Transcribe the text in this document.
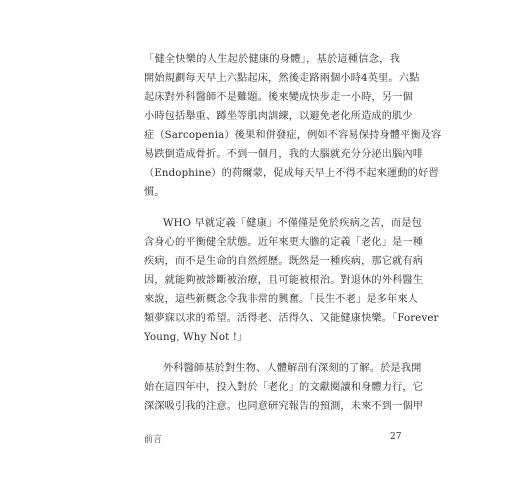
「健全快樂的人生起於健康的身體」，基於這種信念，我
開始規劃每天早上六點起床，然後走路兩個小時4英里。六點
起床對外科醫師不是難題。後來變成快步走一小時，另一個
小時包括舉重、蹲坐等肌肉訓練，以避免老化所造成的肌少
症（Sarcopenia）後果和併發症，例如不容易保持身體平衡及容
易跌倒造成骨折。不到一個月，我的大腦就充分分泌出腦內啡
（Endophine）的荷爾蒙，促成每天早上不得不起來運動的好習
慣。
WHO 早就定義「健康」不僅僅是免於疾病之苦，而是包
含身心的平衡健全狀態。近年來更大膽的定義「老化」是一種
疾病，而不是生命的自然經歷。既然是一種疾病，那它就有病
因，就能夠被診斷被治療，且可能被根治。對退休的外科醫生
來說，這些新概念令我非常的興奮。「長生不老」是多年來人
類夢寐以求的希望。活得老、活得久、又能健康快樂。「Forever
Young, Why Not !」
外科醫師基於對生物、人體解剖有深刻的了解。於是我開
始在這四年中，投入對於「老化」的文獻閱讀和身體力行，它
深深吸引我的注意。也同意研究報告的預測，未來不到一個甲
前言	27
